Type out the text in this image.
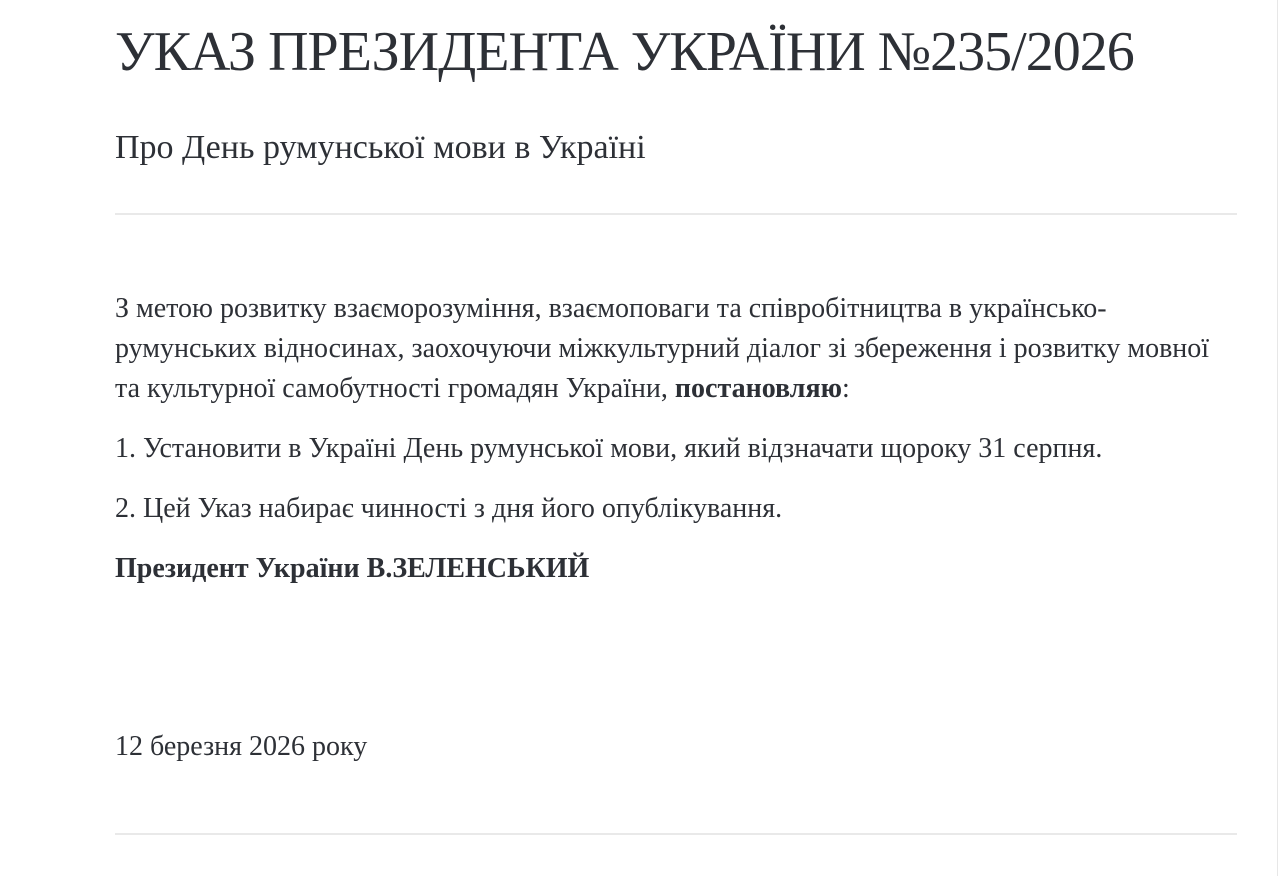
УКАЗ ПРЕЗИДЕНТА УКРАЇНИ №235/2026
Про День румунської мови в Україні

З метою розвитку взаєморозуміння, взаємоповаги та співробітництва в українсько-румунських відносинах, заохочуючи міжкультурний діалог зі збереження і розвитку мовної та культурної самобутності громадян України, постановляю:

1. Установити в Україні День румунської мови, який відзначати щороку 31 серпня.

2. Цей Указ набирає чинності з дня його опублікування.

Президент України В.ЗЕЛЕНСЬКИЙ

12 березня 2026 року
